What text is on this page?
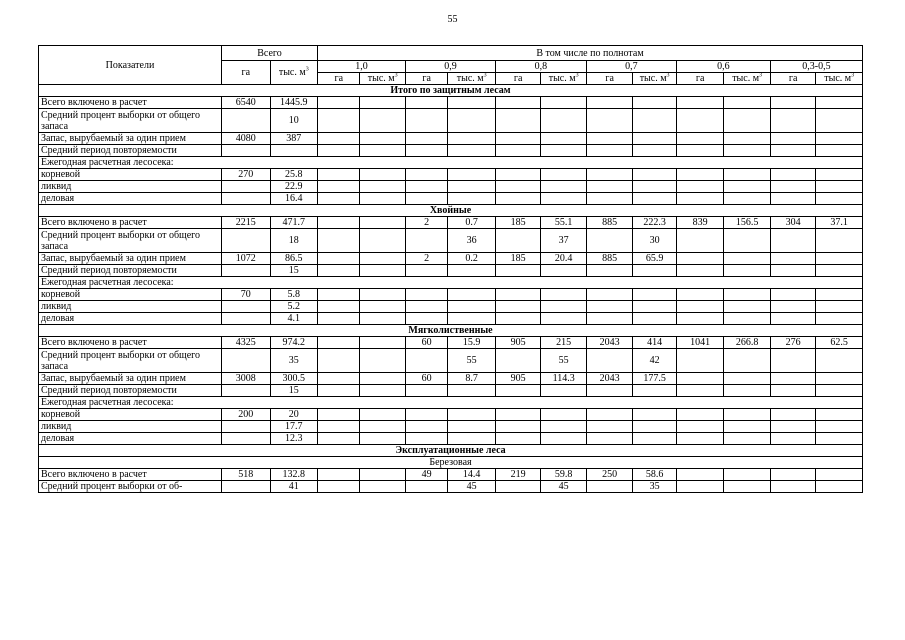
55
Показатели	Всего		В том числе по полнотам											
	га	тыс. $м^3$	1,0		0,9		0,8		0,7		0,6		0,3-0,5	
			га	тыс. $м^3$	га	тыс. $м^3$	га	тыс. $м^3$	га	тыс. $м^3$	га	тыс. $м^3$	га	тыс. $м^3$
Итого по защитным лесам														
Всего включено в расчет	6540	1445.9												
Средний процент выборки от общего запаса		10												
Запас, вырубаемый за один прием	4080	387												
Средний период повторяемости														
Ежегодная расчетная лесосека:														
корневой	270	25.8												
ликвид		22.9												
деловая		16.4												
Хвойные														
Всего включено в расчет	2215	471.7			2	0.7	185	55.1	885	222.3	839	156.5	304	37.1
Средний процент выборки от общего запаса		18				36		37		30				
Запас, вырубаемый за один прием	1072	86.5			2	0.2	185	20.4	885	65.9				
Средний период повторяемости		15												
Ежегодная расчетная лесосека:														
корневой	70	5.8												
ликвид		5.2												
деловая		4.1												
Мягколиственные														
Всего включено в расчет	4325	974.2			60	15.9	905	215	2043	414	1041	266.8	276	62.5
Средний процент выборки от общего запаса		35				55		55		42				
Запас, вырубаемый за один прием	3008	300.5			60	8.7	905	114.3	2043	177.5				
Средний период повторяемости		15												
Ежегодная расчетная лесосека:														
корневой	200	20												
ликвид		17.7												
деловая		12.3												
Эксплуатационные леса														
Березовая														
Всего включено в расчет	518	132.8			49	14.4	219	59.8	250	58.6				
Средний процент выборки от об-		41				45		45		35				
